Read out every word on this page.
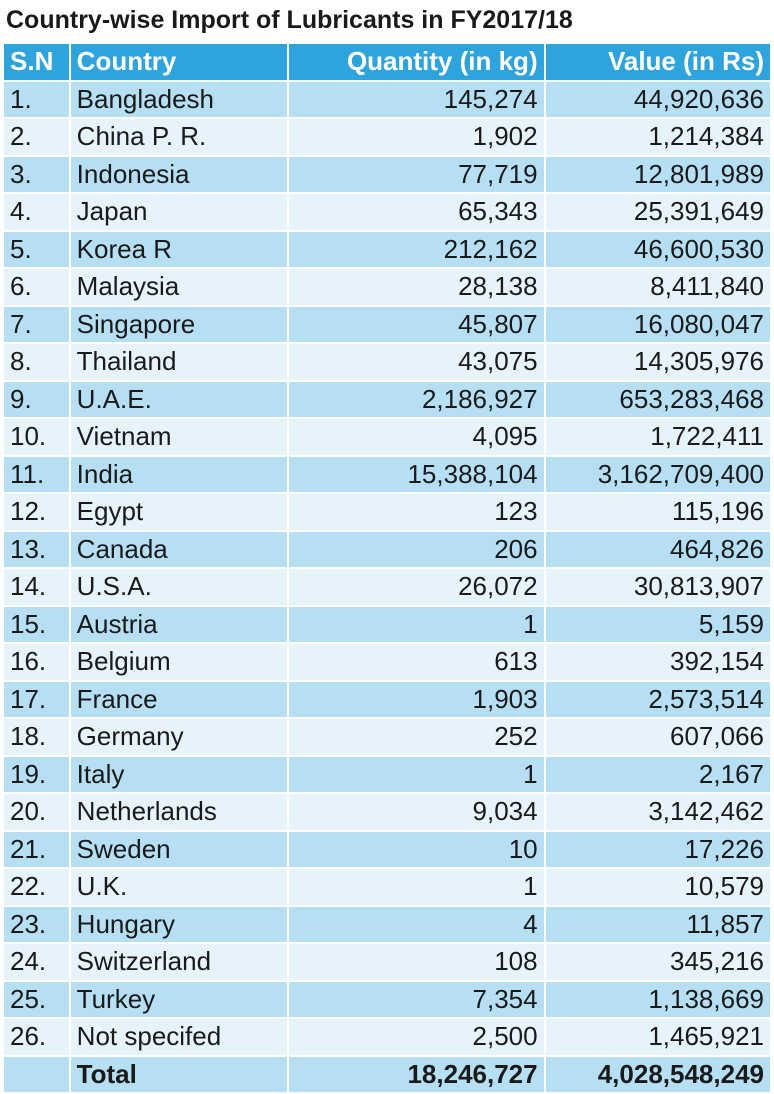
Country-wise Import of Lubricants in FY2017/18
S.N	Country	Quantity (in kg)	Value (in Rs)
1.	Bangladesh	145,274	44,920,636
2.	China P. R.	1,902	1,214,384
3.	Indonesia	77,719	12,801,989
4.	Japan	65,343	25,391,649
5.	Korea R	212,162	46,600,530
6.	Malaysia	28,138	8,411,840
7.	Singapore	45,807	16,080,047
8.	Thailand	43,075	14,305,976
9.	U.A.E.	2,186,927	653,283,468
10.	Vietnam	4,095	1,722,411
11.	India	15,388,104	3,162,709,400
12.	Egypt	123	115,196
13.	Canada	206	464,826
14.	U.S.A.	26,072	30,813,907
15.	Austria	1	5,159
16.	Belgium	613	392,154
17.	France	1,903	2,573,514
18.	Germany	252	607,066
19.	Italy	1	2,167
20.	Netherlands	9,034	3,142,462
21.	Sweden	10	17,226
22.	U.K.	1	10,579
23.	Hungary	4	11,857
24.	Switzerland	108	345,216
25.	Turkey	7,354	1,138,669
26.	Not specifed	2,500	1,465,921
	Total	18,246,727	4,028,548,249
